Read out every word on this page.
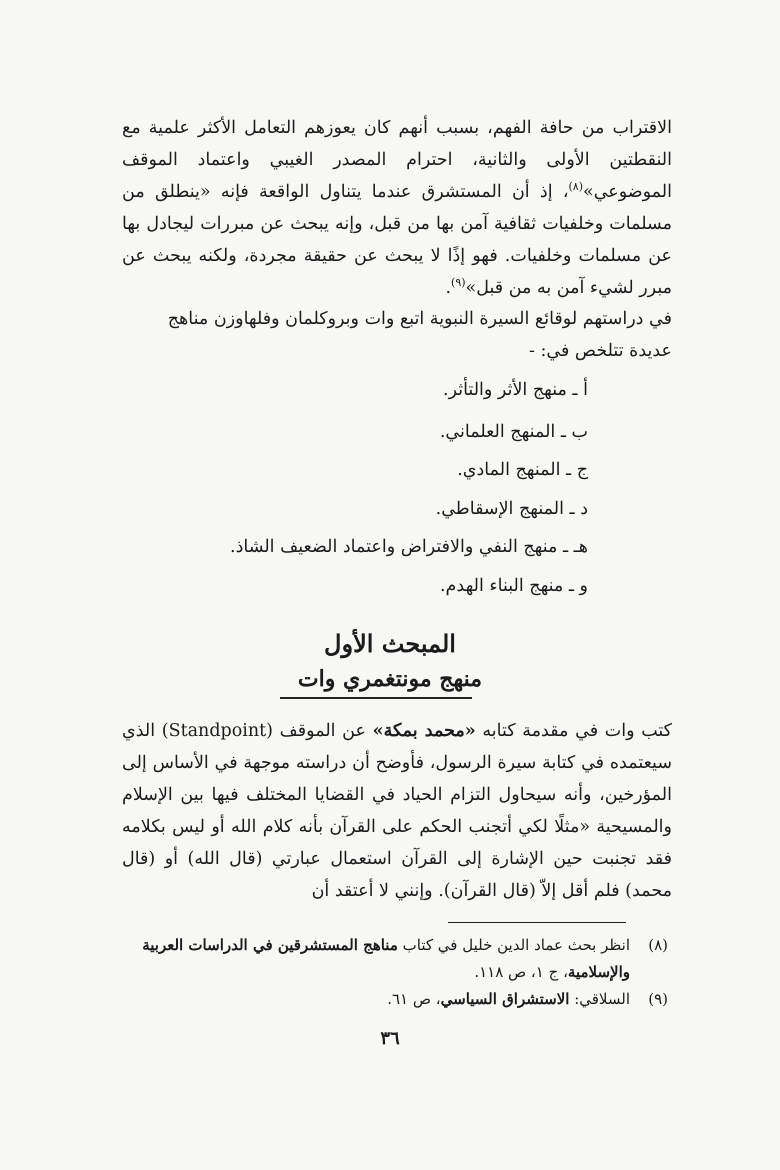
الاقتراب من حافة الفهم، بسبب أنهم كان يعوزهم التعامل الأكثر علمية مع النقطتين الأولى والثانية، احترام المصدر الغيبي واعتماد الموقف الموضوعي»$^{(٨)}$، إذ أن المستشرق عندما يتناول الواقعة فإنه «ينطلق من مسلمات وخلفيات ثقافية آمن بها من قبل، وإنه يبحث عن مبررات ليجادل بها عن مسلمات وخلفيات. فهو إذًا لا يبحث عن حقيقة مجردة، ولكنه يبحث عن مبرر لشيء آمن به من قبل»$^{(٩)}$.

في دراستهم لوقائع السيرة النبوية اتبع وات وبروكلمان وفلهاوزن مناهج عديدة تتلخص في: -

أ ـ منهج الأثر والتأثر.
ب ـ المنهج العلماني.
ج ـ المنهج المادي.
د ـ المنهج الإسقاطي.
هـ ـ منهج النفي والافتراض واعتماد الضعيف الشاذ.
و ـ منهج البناء الهدم.
المبحث الأول
منهج مونتغمري وات

كتب وات في مقدمة كتابه «محمد بمكة» عن الموقف (Standpoint) الذي سيعتمده في كتابة سيرة الرسول، فأوضح أن دراسته موجهة في الأساس إلى المؤرخين، وأنه سيحاول التزام الحياد في القضايا المختلف فيها بين الإسلام والمسيحية «مثلًا لكي أتجنب الحكم على القرآن بأنه كلام الله أو ليس بكلامه فقد تجنبت حين الإشارة إلى القرآن استعمال عبارتي (قال الله) أو (قال محمد) فلم أقل إلاّ (قال القرآن). وإنني لا أعتقد أن

(٨)
انظر بحث عماد الدين خليل في كتاب مناهج المستشرقين في الدراسات العربية والإسلامية، ج ١، ص ١١٨.
(٩)
السلاقي: الاستشراق السياسي، ص ٦١.
٣٦
